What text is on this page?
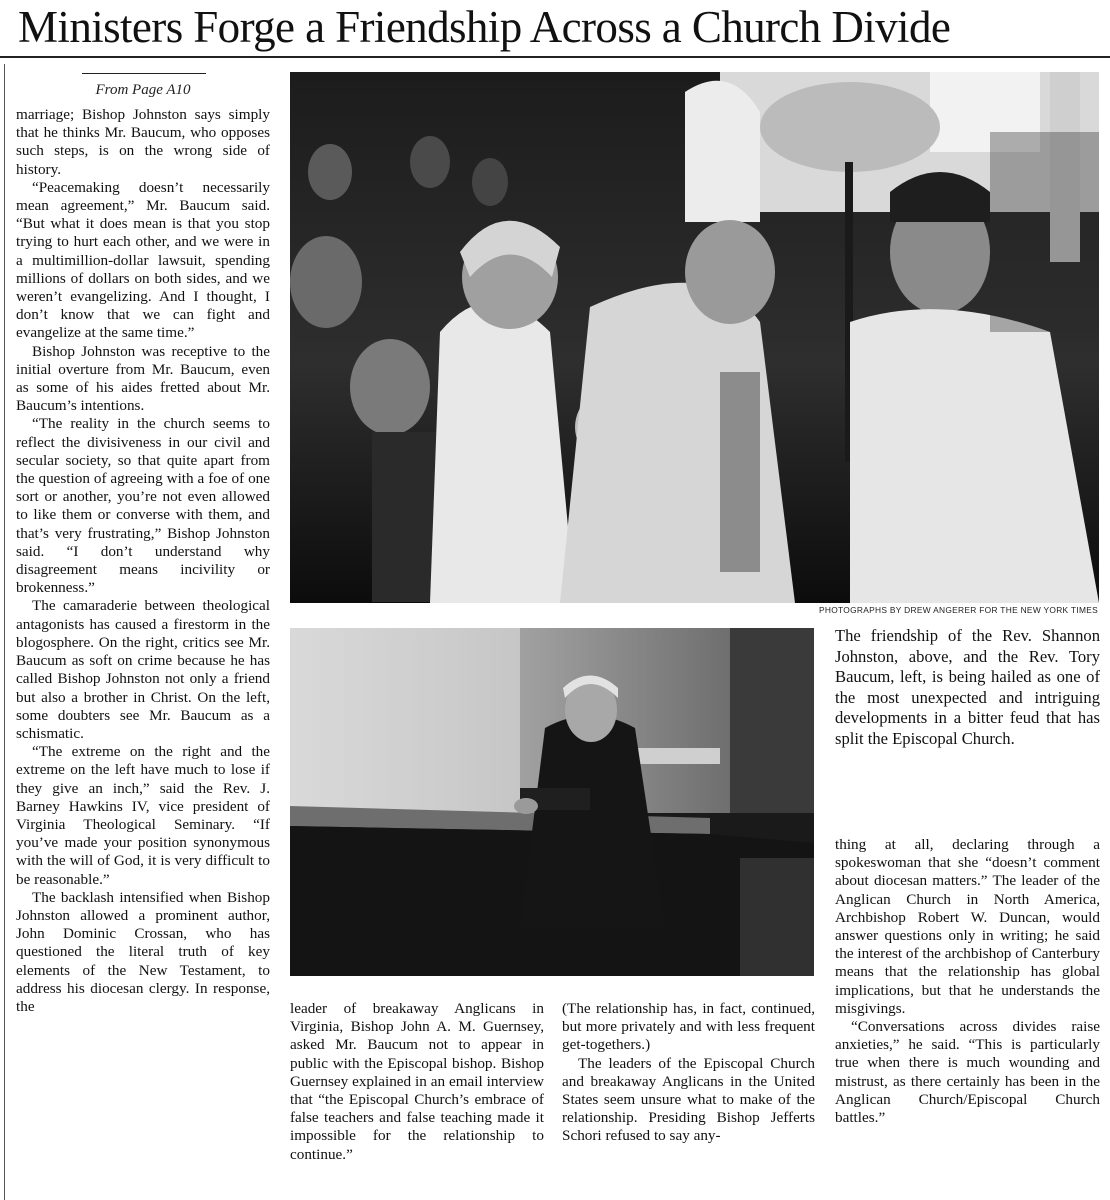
Ministers Forge a Friendship Across a Church Divide
From Page A10

marriage; Bishop Johnston says simply that he thinks Mr. Baucum, who opposes such steps, is on the wrong side of history.

“Peacemaking doesn’t necessarily mean agreement,” Mr. Baucum said. “But what it does mean is that you stop trying to hurt each other, and we were in a multimillion-dollar lawsuit, spending millions of dollars on both sides, and we weren’t evangelizing. And I thought, I don’t know that we can fight and evangelize at the same time.”

Bishop Johnston was receptive to the initial overture from Mr. Baucum, even as some of his aides fretted about Mr. Baucum’s intentions.

“The reality in the church seems to reflect the divisiveness in our civil and secular society, so that quite apart from the question of agreeing with a foe of one sort or another, you’re not even allowed to like them or converse with them, and that’s very frustrating,” Bishop Johnston said. “I don’t understand why disagreement means incivility or brokenness.”

The camaraderie between theological antagonists has caused a firestorm in the blogosphere. On the right, critics see Mr. Baucum as soft on crime because he has called Bishop Johnston not only a friend but also a brother in Christ. On the left, some doubters see Mr. Baucum as a schismatic.

“The extreme on the right and the extreme on the left have much to lose if they give an inch,” said the Rev. J. Barney Hawkins IV, vice president of Virginia Theological Seminary. “If you’ve made your position synonymous with the will of God, it is very difficult to be reasonable.”

The backlash intensified when Bishop Johnston allowed a prominent author, John Dominic Crossan, who has questioned the literal truth of key elements of the New Testament, to address his diocesan clergy. In response, the

PHOTOGRAPHS BY DREW ANGERER FOR THE NEW YORK TIMES
The friendship of the Rev. Shannon Johnston, above, and the Rev. Tory Baucum, left, is being hailed as one of the most unexpected and intriguing developments in a bitter feud that has split the Episcopal Church.

leader of breakaway Anglicans in Virginia, Bishop John A. M. Guernsey, asked Mr. Baucum not to appear in public with the Episcopal bishop. Bishop Guernsey explained in an email interview that “the Episcopal Church’s embrace of false teachers and false teaching made it impossible for the relationship to continue.”

(The relationship has, in fact, continued, but more privately and with less frequent get-togethers.)

The leaders of the Episcopal Church and breakaway Anglicans in the United States seem unsure what to make of the relationship. Presiding Bishop Jefferts Schori refused to say any-

thing at all, declaring through a spokeswoman that she “doesn’t comment about diocesan matters.” The leader of the Anglican Church in North America, Archbishop Robert W. Duncan, would answer questions only in writing; he said the interest of the archbishop of Canterbury means that the relationship has global implications, but that he understands the misgivings.

“Conversations across divides raise anxieties,” he said. “This is particularly true when there is much wounding and mistrust, as there certainly has been in the Anglican Church/Episcopal Church battles.”
